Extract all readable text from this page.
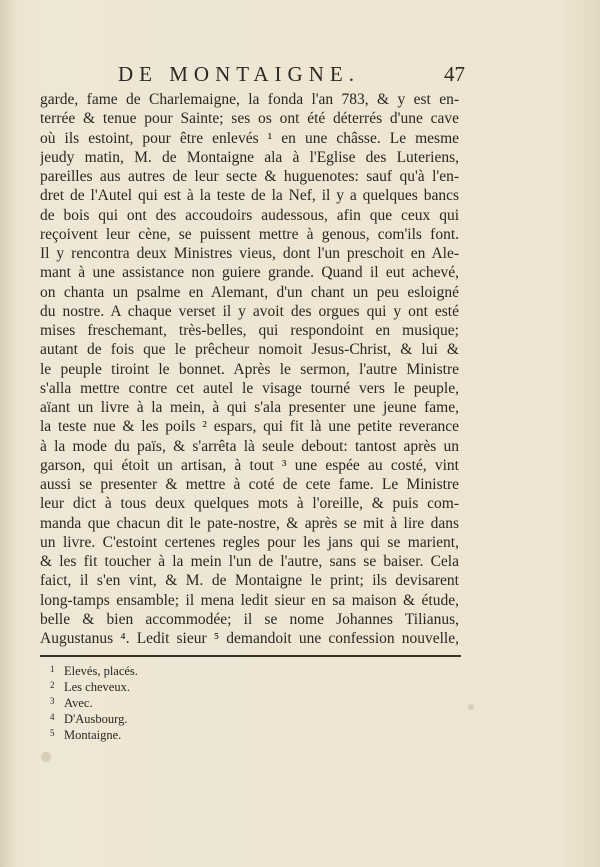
DE MONTAIGNE.	47
garde, fame de Charlemaigne, la fonda l'an 783, & y est en-
terrée & tenue pour Sainte; ses os ont été déterrés d'une cave
où ils estoint, pour être enlevés ¹ en une châsse. Le mesme
jeudy matin, M. de Montaigne ala à l'Eglise des Luteriens,
pareilles aus autres de leur secte & huguenotes: sauf qu'à l'en-
dret de l'Autel qui est à la teste de la Nef, il y a quelques bancs
de bois qui ont des accoudoirs audessous, afin que ceux qui
reçoivent leur cène, se puissent mettre à genous, com'ils font.
Il y rencontra deux Ministres vieus, dont l'un preschoit en Ale-
mant à une assistance non guiere grande. Quand il eut achevé,
on chanta un psalme en Alemant, d'un chant un peu esloigné
du nostre. A chaque verset il y avoit des orgues qui y ont esté
mises freschemant, très-belles, qui respondoint en musique;
autant de fois que le prêcheur nomoit Jesus-Christ, & lui &
le peuple tiroint le bonnet. Après le sermon, l'autre Ministre
s'alla mettre contre cet autel le visage tourné vers le peuple,
aïant un livre à la mein, à qui s'ala presenter une jeune fame,
la teste nue & les poils ² espars, qui fit là une petite reverance
à la mode du païs, & s'arrêta là seule debout: tantost après un
garson, qui étoit un artisan, à tout ³ une espée au costé, vint
aussi se presenter & mettre à coté de cete fame. Le Ministre
leur dict à tous deux quelques mots à l'oreille, & puis com-
manda que chacun dit le pate-nostre, & après se mit à lire dans
un livre. C'estoint certenes regles pour les jans qui se marient,
& les fit toucher à la mein l'un de l'autre, sans se baiser. Cela
faict, il s'en vint, & M. de Montaigne le print; ils devisarent
long-tamps ensamble; il mena ledit sieur en sa maison & étude,
belle & bien accommodée; il se nome Johannes Tilianus,
Augustanus ⁴. Ledit sieur ⁵ demandoit une confession nouvelle,
1 Elevés, placés.
2 Les cheveux.
3 Avec.
4 D'Ausbourg.
5 Montaigne.
